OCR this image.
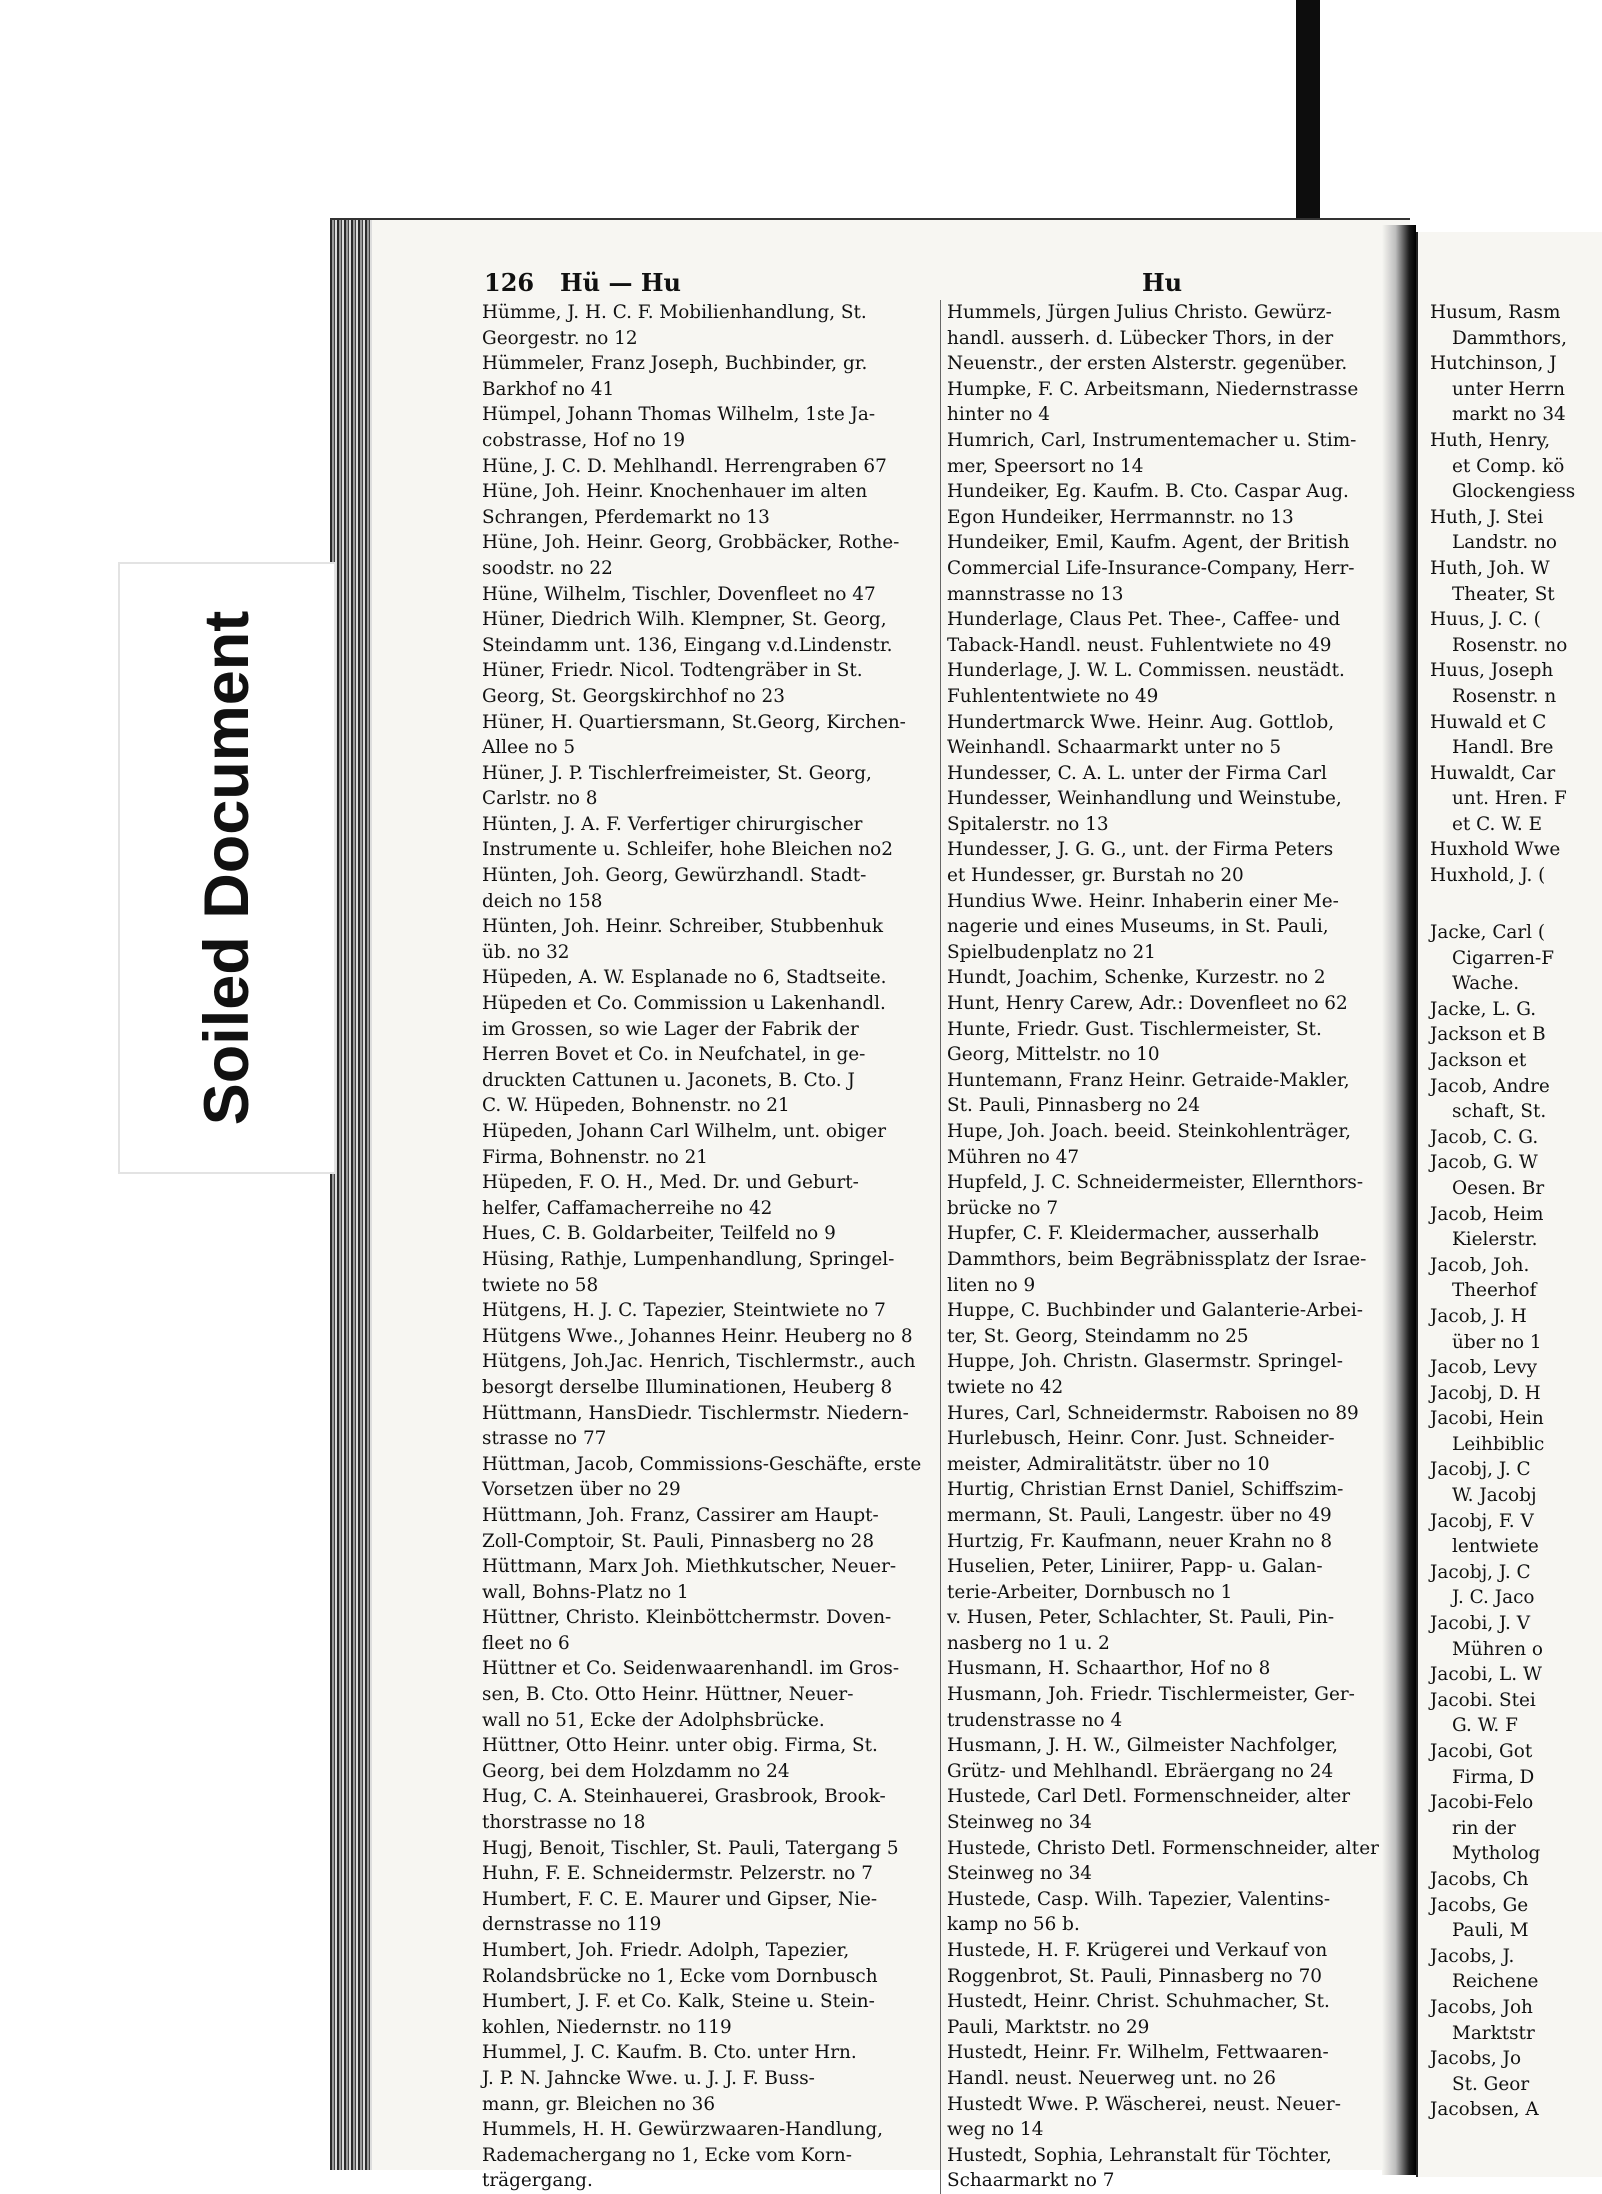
Husum, Rasm
Dammthors,
Hutchinson, J
unter Herrn
markt no 34
Huth, Henry,
et Comp. kö
Glockengiess
Huth, J. Stei
Landstr. no
Huth, Joh. W
Theater, St
Huus, J. C. (
Rosenstr. no
Huus, Joseph
Rosenstr. n
Huwald et C
Handl. Bre
Huwaldt, Car
unt. Hren. F
et C. W. E
Huxhold Wwe
Huxhold, J. (
Jacke, Carl (
Cigarren-F
Wache.
Jacke, L. G.
Jackson et B
Jackson et
Jacob, Andre
schaft, St.
Jacob, C. G.
Jacob, G. W
Oesen. Br
Jacob, Heim
Kielerstr.
Jacob, Joh.
Theerhof
Jacob, J. H
über no 1
Jacob, Levy
Jacobj, D. H
Jacobi, Hein
Leihbiblic
Jacobj, J. C
W. Jacobj
Jacobj, F. V
lentwiete
Jacobj, J. C
J. C. Jaco
Jacobi, J. V
Mühren o
Jacobi, L. W
Jacobi. Stei
G. W. F
Jacobi, Got
Firma, D
Jacobi-Felo
rin der
Mytholog
Jacobs, Ch
Jacobs, Ge
Pauli, M
Jacobs, J.
Reichene
Jacobs, Joh
Marktstr
Jacobs, Jo
St. Geor
Jacobsen, A
Soiled Document
126 Hü — Hu	Hu
Hümme, J. H. C. F. Mobilienhandlung, St.
Georgestr. no 12
Hümmeler, Franz Joseph, Buchbinder, gr.
Barkhof no 41
Hümpel, Johann Thomas Wilhelm, 1ste Ja-
cobstrasse, Hof no 19
Hüne, J. C. D. Mehlhandl. Herrengraben 67
Hüne, Joh. Heinr. Knochenhauer im alten
Schrangen, Pferdemarkt no 13
Hüne, Joh. Heinr. Georg, Grobbäcker, Rothe-
soodstr. no 22
Hüne, Wilhelm, Tischler, Dovenfleet no 47
Hüner, Diedrich Wilh. Klempner, St. Georg,
Steindamm unt. 136, Eingang v.d.Lindenstr.
Hüner, Friedr. Nicol. Todtengräber in St.
Georg, St. Georgskirchhof no 23
Hüner, H. Quartiersmann, St.Georg, Kirchen-
Allee no 5
Hüner, J. P. Tischlerfreimeister, St. Georg,
Carlstr. no 8
Hünten, J. A. F. Verfertiger chirurgischer
Instrumente u. Schleifer, hohe Bleichen no2
Hünten, Joh. Georg, Gewürzhandl. Stadt-
deich no 158
Hünten, Joh. Heinr. Schreiber, Stubbenhuk
üb. no 32
Hüpeden, A. W. Esplanade no 6, Stadtseite.
Hüpeden et Co. Commission u Lakenhandl.
im Grossen, so wie Lager der Fabrik der
Herren Bovet et Co. in Neufchatel, in ge-
druckten Cattunen u. Jaconets, B. Cto. J
C. W. Hüpeden, Bohnenstr. no 21
Hüpeden, Johann Carl Wilhelm, unt. obiger
Firma, Bohnenstr. no 21
Hüpeden, F. O. H., Med. Dr. und Geburt-
helfer, Caffamacherreihe no 42
Hues, C. B. Goldarbeiter, Teilfeld no 9
Hüsing, Rathje, Lumpenhandlung, Springel-
twiete no 58
Hütgens, H. J. C. Tapezier, Steintwiete no 7
Hütgens Wwe., Johannes Heinr. Heuberg no 8
Hütgens, Joh.Jac. Henrich, Tischlermstr., auch
besorgt derselbe Illuminationen, Heuberg 8
Hüttmann, HansDiedr. Tischlermstr. Niedern-
strasse no 77
Hüttman, Jacob, Commissions-Geschäfte, erste
Vorsetzen über no 29
Hüttmann, Joh. Franz, Cassirer am Haupt-
Zoll-Comptoir, St. Pauli, Pinnasberg no 28
Hüttmann, Marx Joh. Miethkutscher, Neuer-
wall, Bohns-Platz no 1
Hüttner, Christo. Kleinböttchermstr. Doven-
fleet no 6
Hüttner et Co. Seidenwaarenhandl. im Gros-
sen, B. Cto. Otto Heinr. Hüttner, Neuer-
wall no 51, Ecke der Adolphsbrücke.
Hüttner, Otto Heinr. unter obig. Firma, St.
Georg, bei dem Holzdamm no 24
Hug, C. A. Steinhauerei, Grasbrook, Brook-
thorstrasse no 18
Hugj, Benoit, Tischler, St. Pauli, Tatergang 5
Huhn, F. E. Schneidermstr. Pelzerstr. no 7
Humbert, F. C. E. Maurer und Gipser, Nie-
dernstrasse no 119
Humbert, Joh. Friedr. Adolph, Tapezier,
Rolandsbrücke no 1, Ecke vom Dornbusch
Humbert, J. F. et Co. Kalk, Steine u. Stein-
kohlen, Niedernstr. no 119
Hummel, J. C. Kaufm. B. Cto. unter Hrn.
J. P. N. Jahncke Wwe. u. J. J. F. Buss-
mann, gr. Bleichen no 36
Hummels, H. H. Gewürzwaaren-Handlung,
Rademachergang no 1, Ecke vom Korn-
trägergang.
Hummels, Jürgen Julius Christo. Gewürz-
handl. ausserh. d. Lübecker Thors, in der
Neuenstr., der ersten Alsterstr. gegenüber.
Humpke, F. C. Arbeitsmann, Niedernstrasse
hinter no 4
Humrich, Carl, Instrumentemacher u. Stim-
mer, Speersort no 14
Hundeiker, Eg. Kaufm. B. Cto. Caspar Aug.
Egon Hundeiker, Herrmannstr. no 13
Hundeiker, Emil, Kaufm. Agent, der British
Commercial Life-Insurance-Company, Herr-
mannstrasse no 13
Hunderlage, Claus Pet. Thee-, Caffee- und
Taback-Handl. neust. Fuhlentwiete no 49
Hunderlage, J. W. L. Commissen. neustädt.
Fuhlententwiete no 49
Hundertmarck Wwe. Heinr. Aug. Gottlob,
Weinhandl. Schaarmarkt unter no 5
Hundesser, C. A. L. unter der Firma Carl
Hundesser, Weinhandlung und Weinstube,
Spitalerstr. no 13
Hundesser, J. G. G., unt. der Firma Peters
et Hundesser, gr. Burstah no 20
Hundius Wwe. Heinr. Inhaberin einer Me-
nagerie und eines Museums, in St. Pauli,
Spielbudenplatz no 21
Hundt, Joachim, Schenke, Kurzestr. no 2
Hunt, Henry Carew, Adr.: Dovenfleet no 62
Hunte, Friedr. Gust. Tischlermeister, St.
Georg, Mittelstr. no 10
Huntemann, Franz Heinr. Getraide-Makler,
St. Pauli, Pinnasberg no 24
Hupe, Joh. Joach. beeid. Steinkohlenträger,
Mühren no 47
Hupfeld, J. C. Schneidermeister, Ellernthors-
brücke no 7
Hupfer, C. F. Kleidermacher, ausserhalb
Dammthors, beim Begräbnissplatz der Israe-
liten no 9
Huppe, C. Buchbinder und Galanterie-Arbei-
ter, St. Georg, Steindamm no 25
Huppe, Joh. Christn. Glasermstr. Springel-
twiete no 42
Hures, Carl, Schneidermstr. Raboisen no 89
Hurlebusch, Heinr. Conr. Just. Schneider-
meister, Admiralitätstr. über no 10
Hurtig, Christian Ernst Daniel, Schiffszim-
mermann, St. Pauli, Langestr. über no 49
Hurtzig, Fr. Kaufmann, neuer Krahn no 8
Huselien, Peter, Liniirer, Papp- u. Galan-
terie-Arbeiter, Dornbusch no 1
v. Husen, Peter, Schlachter, St. Pauli, Pin-
nasberg no 1 u. 2
Husmann, H. Schaarthor, Hof no 8
Husmann, Joh. Friedr. Tischlermeister, Ger-
trudenstrasse no 4
Husmann, J. H. W., Gilmeister Nachfolger,
Grütz- und Mehlhandl. Ebräergang no 24
Hustede, Carl Detl. Formenschneider, alter
Steinweg no 34
Hustede, Christo Detl. Formenschneider, alter
Steinweg no 34
Hustede, Casp. Wilh. Tapezier, Valentins-
kamp no 56 b.
Hustede, H. F. Krügerei und Verkauf von
Roggenbrot, St. Pauli, Pinnasberg no 70
Hustedt, Heinr. Christ. Schuhmacher, St.
Pauli, Marktstr. no 29
Hustedt, Heinr. Fr. Wilhelm, Fettwaaren-
Handl. neust. Neuerweg unt. no 26
Hustedt Wwe. P. Wäscherei, neust. Neuer-
weg no 14
Hustedt, Sophia, Lehranstalt für Töchter,
Schaarmarkt no 7
